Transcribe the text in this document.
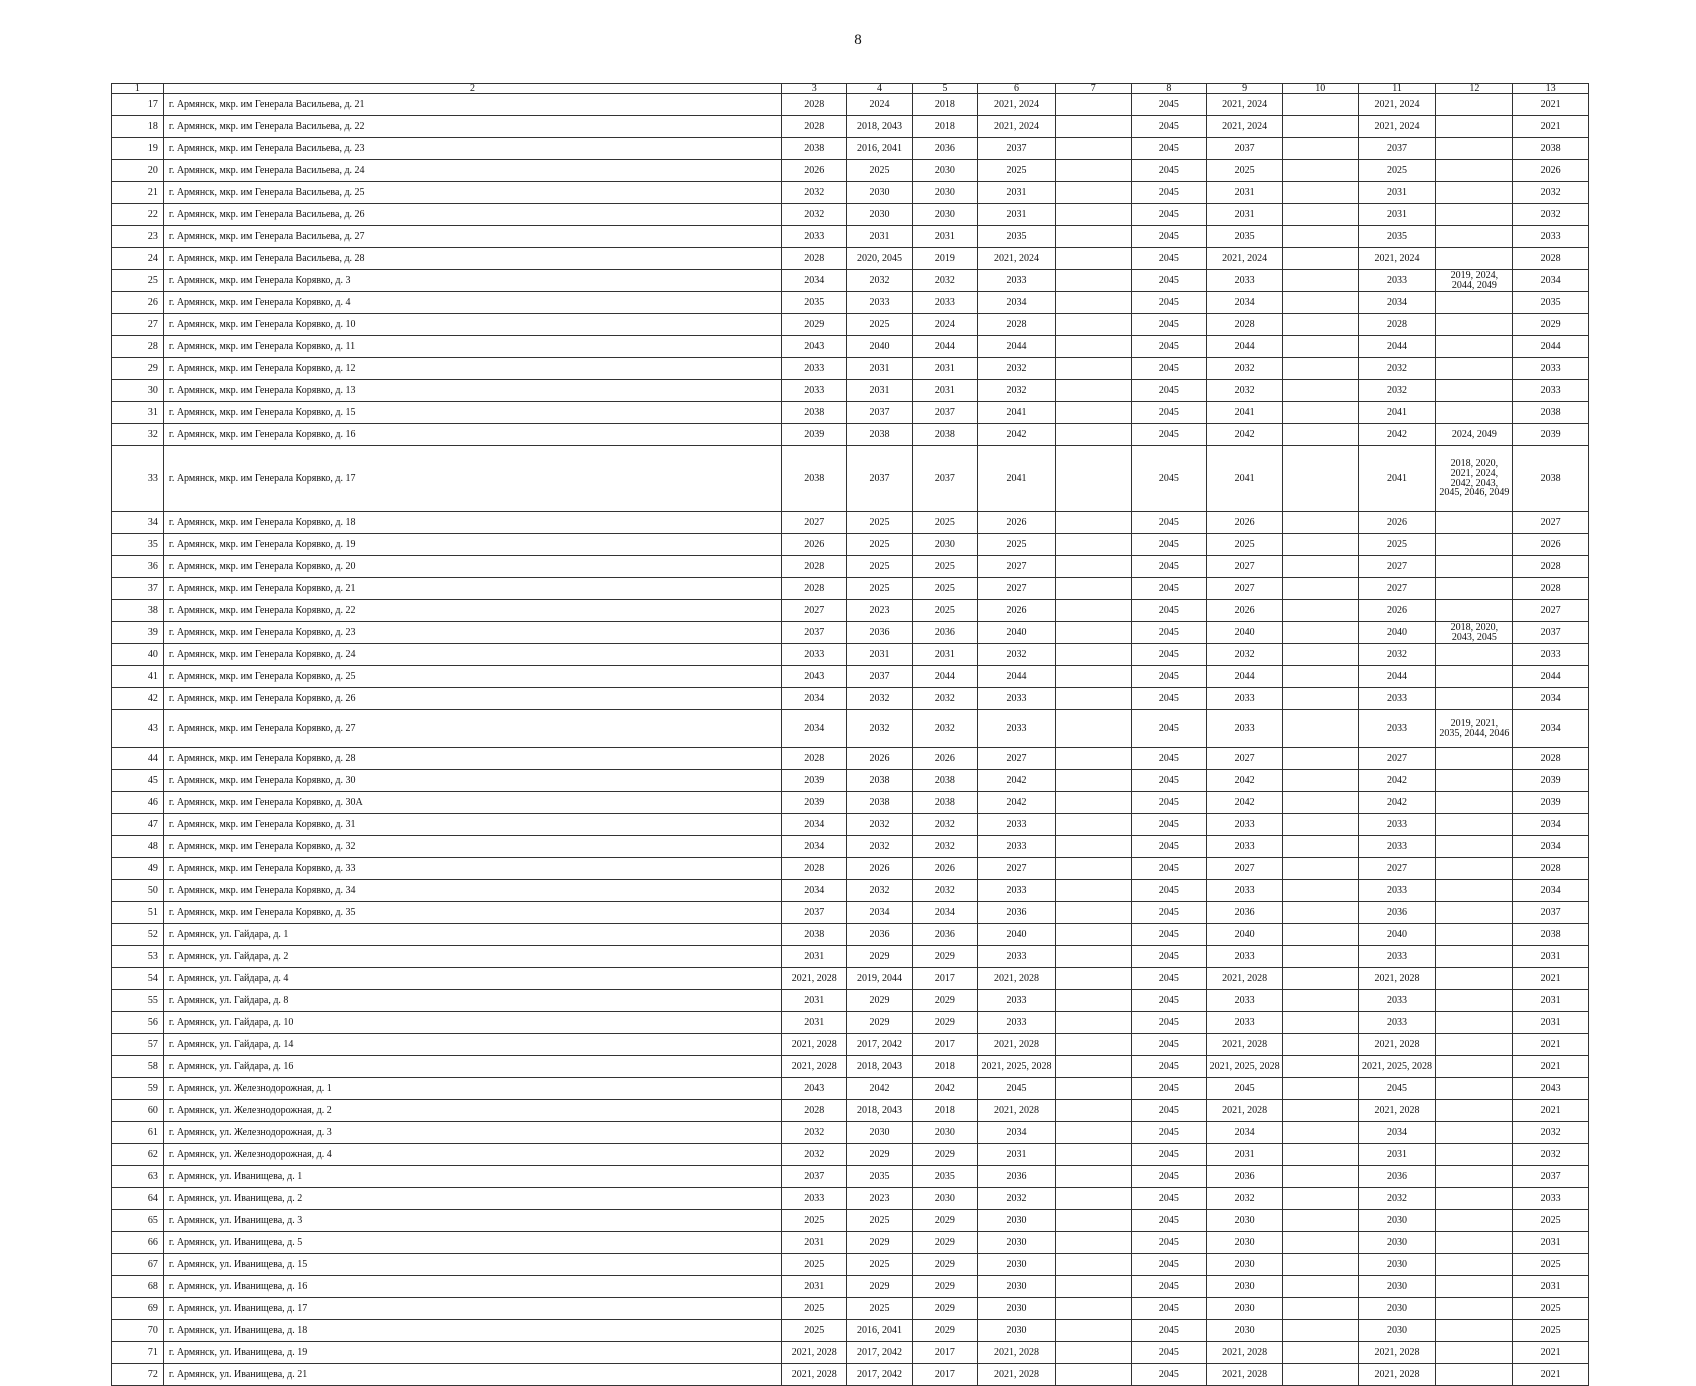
8
1	2	3	4	5	6	7	8	9	10	11	12	13
17	г. Армянск, мкр. им Генерала Васильева, д. 21	2028	2024	2018	2021, 2024		2045	2021, 2024		2021, 2024		2021
18	г. Армянск, мкр. им Генерала Васильева, д. 22	2028	2018, 2043	2018	2021, 2024		2045	2021, 2024		2021, 2024		2021
19	г. Армянск, мкр. им Генерала Васильева, д. 23	2038	2016, 2041	2036	2037		2045	2037		2037		2038
20	г. Армянск, мкр. им Генерала Васильева, д. 24	2026	2025	2030	2025		2045	2025		2025		2026
21	г. Армянск, мкр. им Генерала Васильева, д. 25	2032	2030	2030	2031		2045	2031		2031		2032
22	г. Армянск, мкр. им Генерала Васильева, д. 26	2032	2030	2030	2031		2045	2031		2031		2032
23	г. Армянск, мкр. им Генерала Васильева, д. 27	2033	2031	2031	2035		2045	2035		2035		2033
24	г. Армянск, мкр. им Генерала Васильева, д. 28	2028	2020, 2045	2019	2021, 2024		2045	2021, 2024		2021, 2024		2028
25	г. Армянск, мкр. им Генерала Корявко, д. 3	2034	2032	2032	2033		2045	2033		2033	2019, 2024, 2044, 2049	2034
26	г. Армянск, мкр. им Генерала Корявко, д. 4	2035	2033	2033	2034		2045	2034		2034		2035
27	г. Армянск, мкр. им Генерала Корявко, д. 10	2029	2025	2024	2028		2045	2028		2028		2029
28	г. Армянск, мкр. им Генерала Корявко, д. 11	2043	2040	2044	2044		2045	2044		2044		2044
29	г. Армянск, мкр. им Генерала Корявко, д. 12	2033	2031	2031	2032		2045	2032		2032		2033
30	г. Армянск, мкр. им Генерала Корявко, д. 13	2033	2031	2031	2032		2045	2032		2032		2033
31	г. Армянск, мкр. им Генерала Корявко, д. 15	2038	2037	2037	2041		2045	2041		2041		2038
32	г. Армянск, мкр. им Генерала Корявко, д. 16	2039	2038	2038	2042		2045	2042		2042	2024, 2049	2039
33	г. Армянск, мкр. им Генерала Корявко, д. 17	2038	2037	2037	2041		2045	2041		2041	2018, 2020, 2021, 2024, 2042, 2043, 2045, 2046, 2049	2038
34	г. Армянск, мкр. им Генерала Корявко, д. 18	2027	2025	2025	2026		2045	2026		2026		2027
35	г. Армянск, мкр. им Генерала Корявко, д. 19	2026	2025	2030	2025		2045	2025		2025		2026
36	г. Армянск, мкр. им Генерала Корявко, д. 20	2028	2025	2025	2027		2045	2027		2027		2028
37	г. Армянск, мкр. им Генерала Корявко, д. 21	2028	2025	2025	2027		2045	2027		2027		2028
38	г. Армянск, мкр. им Генерала Корявко, д. 22	2027	2023	2025	2026		2045	2026		2026		2027
39	г. Армянск, мкр. им Генерала Корявко, д. 23	2037	2036	2036	2040		2045	2040		2040	2018, 2020, 2043, 2045	2037
40	г. Армянск, мкр. им Генерала Корявко, д. 24	2033	2031	2031	2032		2045	2032		2032		2033
41	г. Армянск, мкр. им Генерала Корявко, д. 25	2043	2037	2044	2044		2045	2044		2044		2044
42	г. Армянск, мкр. им Генерала Корявко, д. 26	2034	2032	2032	2033		2045	2033		2033		2034
43	г. Армянск, мкр. им Генерала Корявко, д. 27	2034	2032	2032	2033		2045	2033		2033	2019, 2021, 2035, 2044, 2046	2034
44	г. Армянск, мкр. им Генерала Корявко, д. 28	2028	2026	2026	2027		2045	2027		2027		2028
45	г. Армянск, мкр. им Генерала Корявко, д. 30	2039	2038	2038	2042		2045	2042		2042		2039
46	г. Армянск, мкр. им Генерала Корявко, д. 30А	2039	2038	2038	2042		2045	2042		2042		2039
47	г. Армянск, мкр. им Генерала Корявко, д. 31	2034	2032	2032	2033		2045	2033		2033		2034
48	г. Армянск, мкр. им Генерала Корявко, д. 32	2034	2032	2032	2033		2045	2033		2033		2034
49	г. Армянск, мкр. им Генерала Корявко, д. 33	2028	2026	2026	2027		2045	2027		2027		2028
50	г. Армянск, мкр. им Генерала Корявко, д. 34	2034	2032	2032	2033		2045	2033		2033		2034
51	г. Армянск, мкр. им Генерала Корявко, д. 35	2037	2034	2034	2036		2045	2036		2036		2037
52	г. Армянск, ул. Гайдара, д. 1	2038	2036	2036	2040		2045	2040		2040		2038
53	г. Армянск, ул. Гайдара, д. 2	2031	2029	2029	2033		2045	2033		2033		2031
54	г. Армянск, ул. Гайдара, д. 4	2021, 2028	2019, 2044	2017	2021, 2028		2045	2021, 2028		2021, 2028		2021
55	г. Армянск, ул. Гайдара, д. 8	2031	2029	2029	2033		2045	2033		2033		2031
56	г. Армянск, ул. Гайдара, д. 10	2031	2029	2029	2033		2045	2033		2033		2031
57	г. Армянск, ул. Гайдара, д. 14	2021, 2028	2017, 2042	2017	2021, 2028		2045	2021, 2028		2021, 2028		2021
58	г. Армянск, ул. Гайдара, д. 16	2021, 2028	2018, 2043	2018	2021, 2025, 2028		2045	2021, 2025, 2028		2021, 2025, 2028		2021
59	г. Армянск, ул. Железнодорожная, д. 1	2043	2042	2042	2045		2045	2045		2045		2043
60	г. Армянск, ул. Железнодорожная, д. 2	2028	2018, 2043	2018	2021, 2028		2045	2021, 2028		2021, 2028		2021
61	г. Армянск, ул. Железнодорожная, д. 3	2032	2030	2030	2034		2045	2034		2034		2032
62	г. Армянск, ул. Железнодорожная, д. 4	2032	2029	2029	2031		2045	2031		2031		2032
63	г. Армянск, ул. Иванищева, д. 1	2037	2035	2035	2036		2045	2036		2036		2037
64	г. Армянск, ул. Иванищева, д. 2	2033	2023	2030	2032		2045	2032		2032		2033
65	г. Армянск, ул. Иванищева, д. 3	2025	2025	2029	2030		2045	2030		2030		2025
66	г. Армянск, ул. Иванищева, д. 5	2031	2029	2029	2030		2045	2030		2030		2031
67	г. Армянск, ул. Иванищева, д. 15	2025	2025	2029	2030		2045	2030		2030		2025
68	г. Армянск, ул. Иванищева, д. 16	2031	2029	2029	2030		2045	2030		2030		2031
69	г. Армянск, ул. Иванищева, д. 17	2025	2025	2029	2030		2045	2030		2030		2025
70	г. Армянск, ул. Иванищева, д. 18	2025	2016, 2041	2029	2030		2045	2030		2030		2025
71	г. Армянск, ул. Иванищева, д. 19	2021, 2028	2017, 2042	2017	2021, 2028		2045	2021, 2028		2021, 2028		2021
72	г. Армянск, ул. Иванищева, д. 21	2021, 2028	2017, 2042	2017	2021, 2028		2045	2021, 2028		2021, 2028		2021
